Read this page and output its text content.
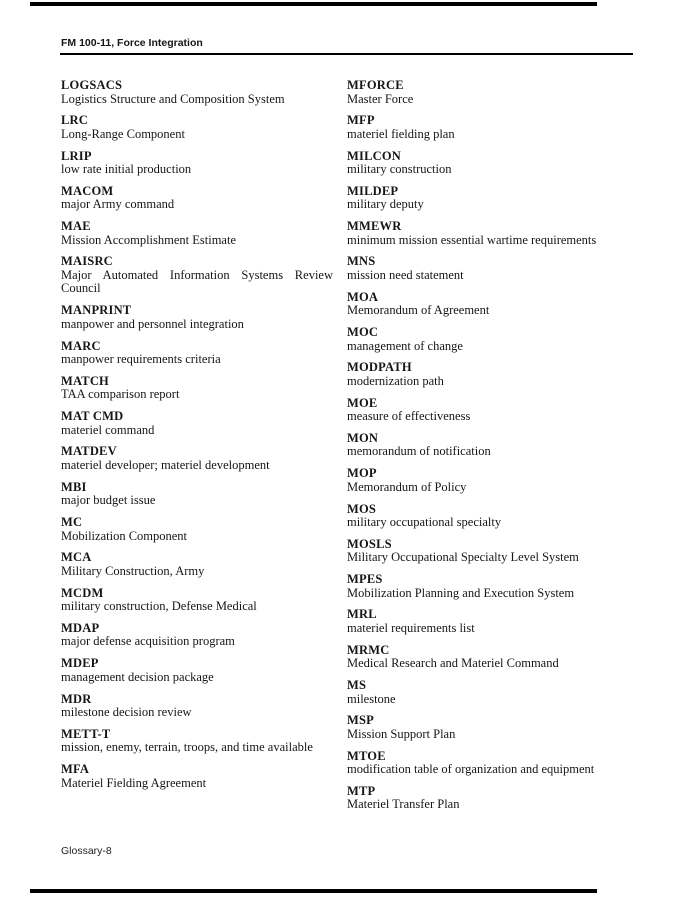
FM 100-11, Force Integration
LOGSACS
Logistics Structure and Composition System
LRC
Long-Range Component
LRIP
low rate initial production
MACOM
major Army command
MAE
Mission Accomplishment Estimate
MAISRC
Major Automated Information Systems Review Council
MANPRINT
manpower and personnel integration
MARC
manpower requirements criteria
MATCH
TAA comparison report
MAT CMD
materiel command
MATDEV
materiel developer; materiel development
MBI
major budget issue
MC
Mobilization Component
MCA
Military Construction, Army
MCDM
military construction, Defense Medical
MDAP
major defense acquisition program
MDEP
management decision package
MDR
milestone decision review
METT-T
mission, enemy, terrain, troops, and time available
MFA
Materiel Fielding Agreement
MFORCE
Master Force
MFP
materiel fielding plan
MILCON
military construction
MILDEP
military deputy
MMEWR
minimum mission essential wartime requirements
MNS
mission need statement
MOA
Memorandum of Agreement
MOC
management of change
MODPATH
modernization path
MOE
measure of effectiveness
MON
memorandum of notification
MOP
Memorandum of Policy
MOS
military occupational specialty
MOSLS
Military Occupational Specialty Level System
MPES
Mobilization Planning and Execution System
MRL
materiel requirements list
MRMC
Medical Research and Materiel Command
MS
milestone
MSP
Mission Support Plan
MTOE
modification table of organization and equipment
MTP
Materiel Transfer Plan
Glossary-8
